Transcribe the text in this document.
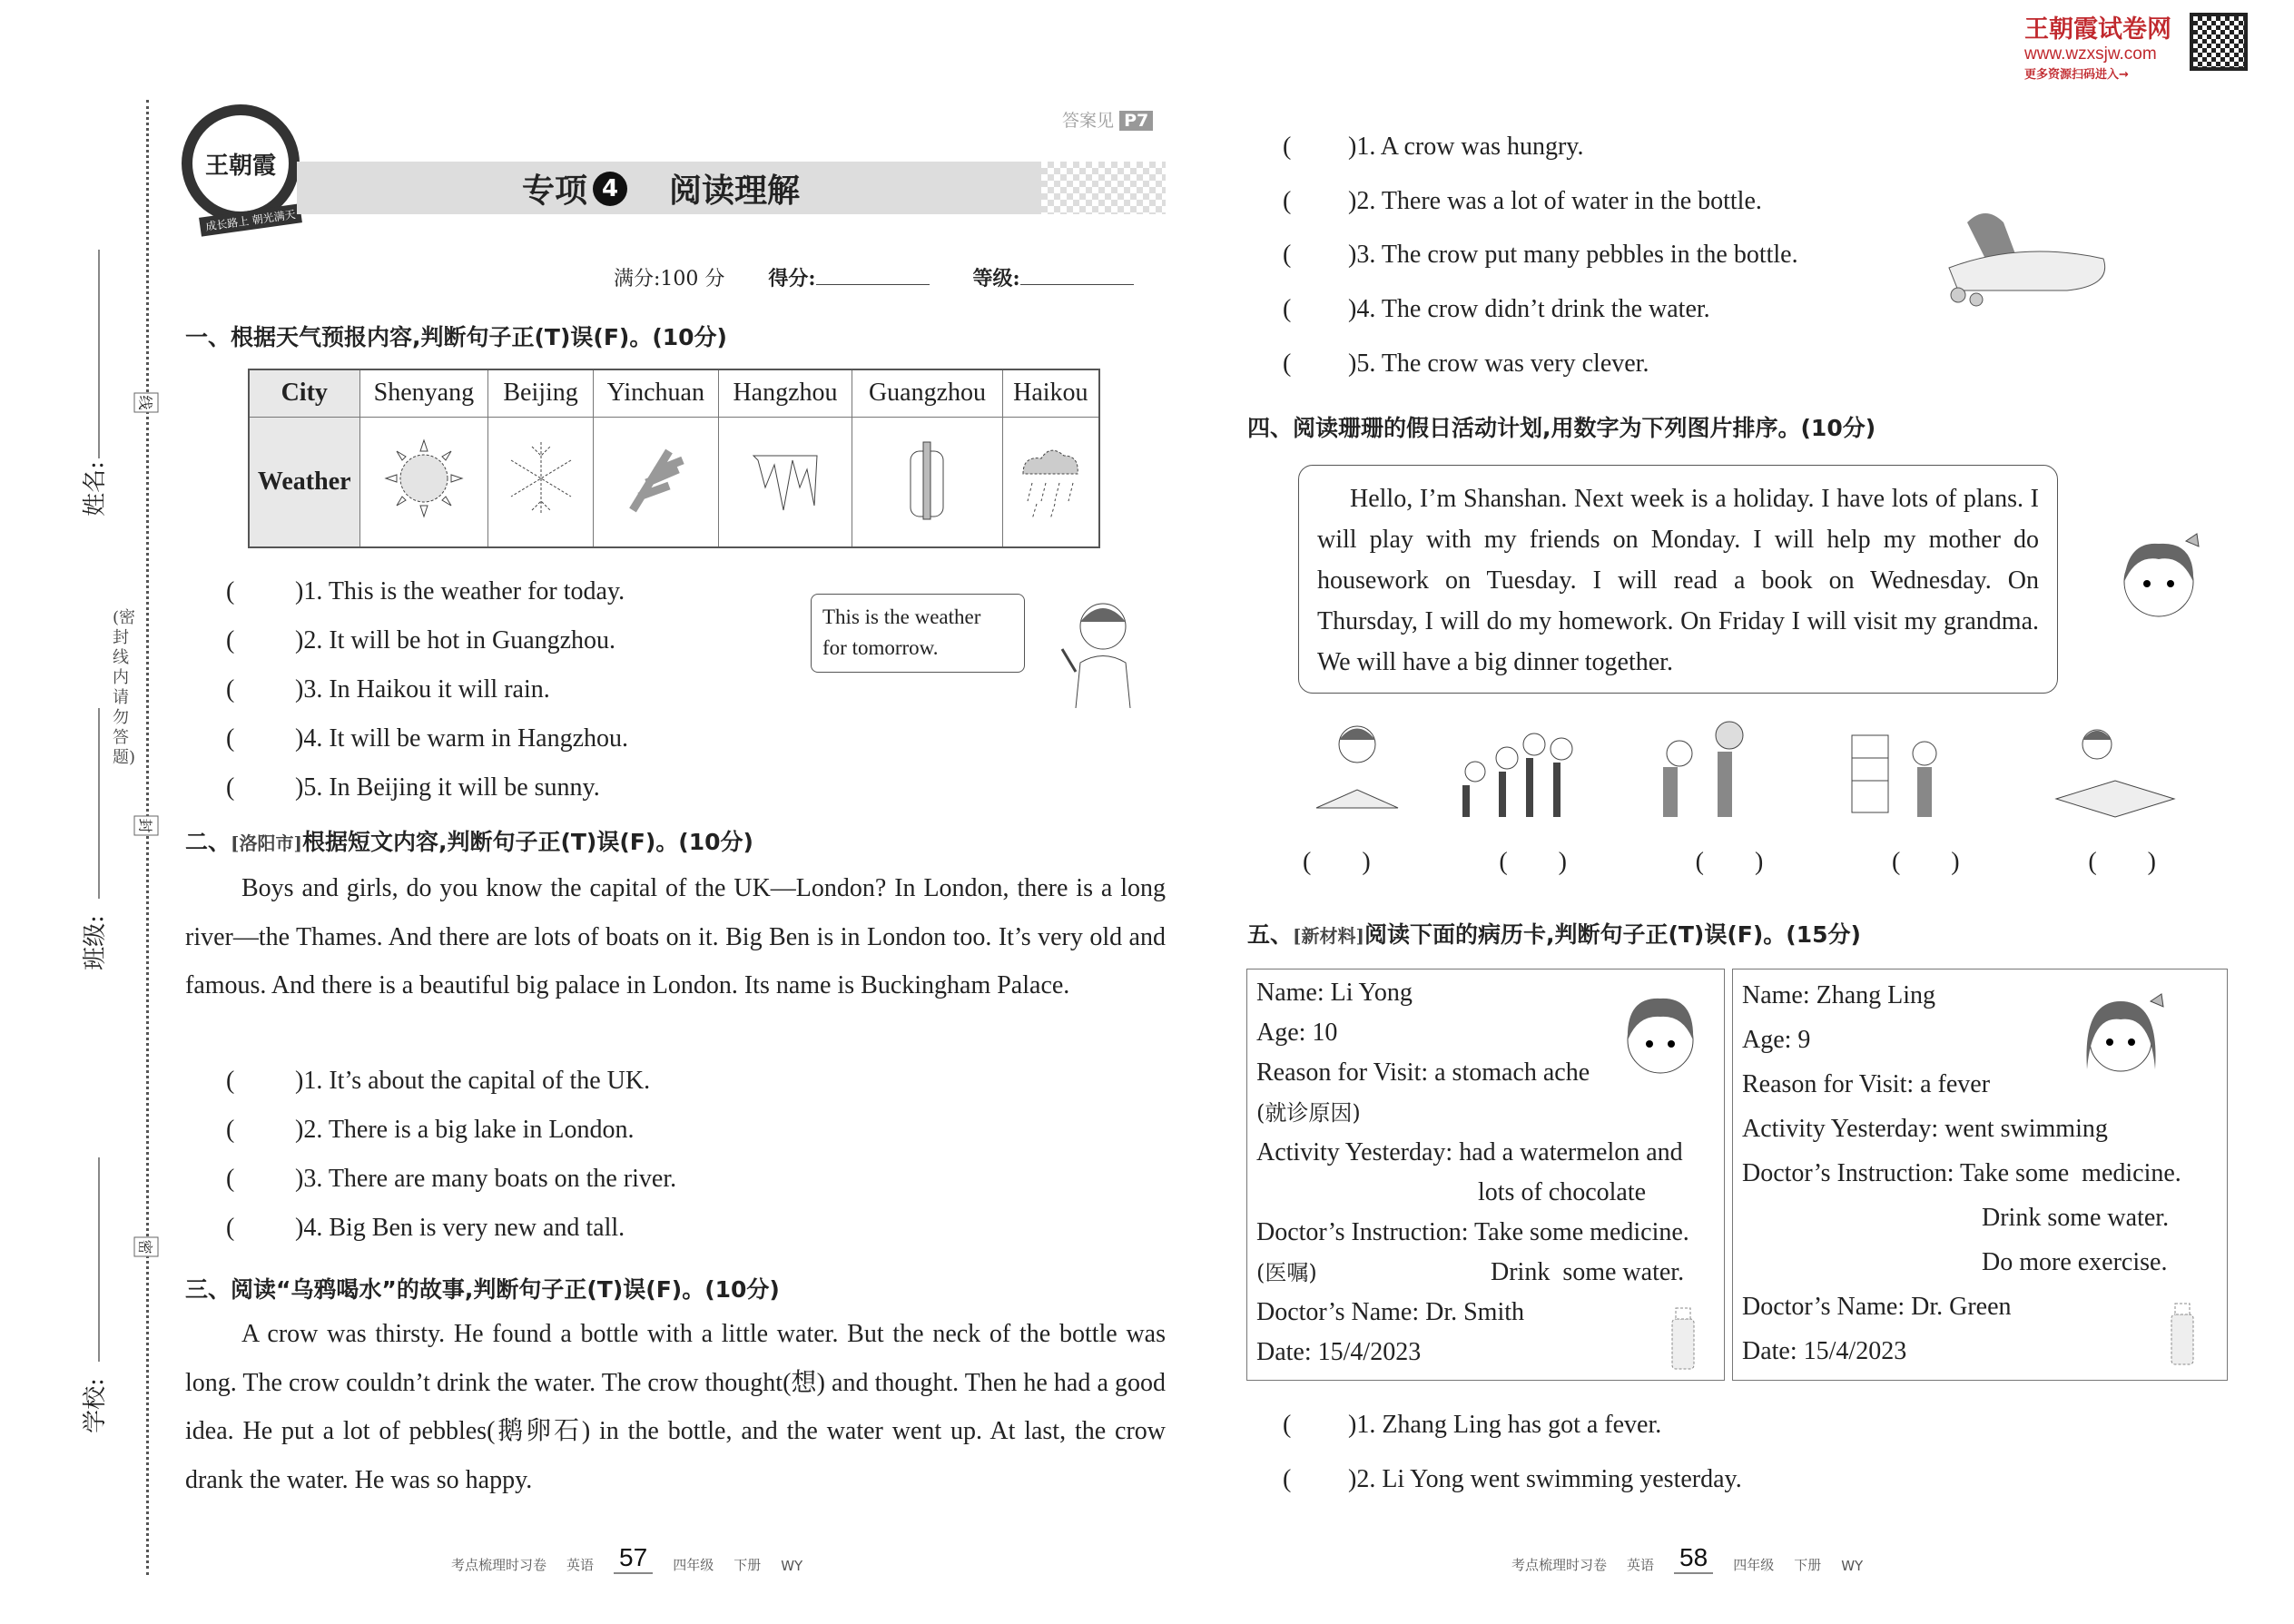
王朝霞试卷网
www.wzxsjw.com
更多资源扫码进入→
线
封
密
(密封线内请勿答题)
姓名:
班级:
学校:
王朝霞
成长路上 朝光满天
答案见 P7
专项 4 阅读理解
满分:100 分 得分:	等级:
一、根据天气预报内容,判断句子正(T)误(F)。(10分)
City	Shenyang	Beijing	Yinchuan	Hangzhou	Guangzhou	Haikou
Weather						
(	)1. This is the weather for today.
(	)2. It will be hot in Guangzhou.
(	)3. In Haikou it will rain.
(	)4. It will be warm in Hangzhou.
(	)5. In Beijing it will be sunny.
This is the weather
for tomorrow.
二、[洛阳市]根据短文内容,判断句子正(T)误(F)。(10分)
Boys and girls, do you know the capital of the UK—London? In London, there is a long river—the Thames. And there are lots of boats on it. Big Ben is in London too. It’s very old and famous. And there is a beautiful big palace in London. Its name is Buckingham Palace.
(	)1. It’s about the capital of the UK.
(	)2. There is a big lake in London.
(	)3. There are many boats on the river.
(	)4. Big Ben is very new and tall.
三、阅读“乌鸦喝水”的故事,判断句子正(T)误(F)。(10分)
A crow was thirsty. He found a bottle with a little water. But the neck of the bottle was long. The crow couldn’t drink the water. The crow thought(想) and thought. Then he had a good idea. He put a lot of pebbles(鹅卵石) in the bottle, and the water went up. At last, the crow drank the water. He was so happy.
考点梳理时习卷 英语 57	四年级 下册 WY	考点梳理时习卷 英语 58	四年级 下册 WY
(	)1. A crow was hungry.
(	)2. There was a lot of water in the bottle.
(	)3. The crow put many pebbles in the bottle.
(	)4. The crow didn’t drink the water.
(	)5. The crow was very clever.
四、阅读珊珊的假日活动计划,用数字为下列图片排序。(10分)
Hello, I’m Shanshan. Next week is a holiday. I have lots of plans. I will play with my friends on Monday. I will help my mother do housework on Tuesday. I will read a book on Wednesday. On Thursday, I will do my homework. On Friday I will visit my grandma. We will have a big dinner together.
(        )	(        )	(        )	(        )	(        )
五、[新材料]阅读下面的病历卡,判断句子正(T)误(F)。(15分)
Name: Li Yong
Age: 10
Reason for Visit: a stomach ache
(就诊原因)
Activity Yesterday: had a watermelon and
lots of chocolate
Doctor’s Instruction: Take some medicine.
(医嘱)	Drink  some water.
Doctor’s Name: Dr. Smith
Date: 15/4/2023
Name: Zhang Ling
Age: 9
Reason for Visit: a fever
Activity Yesterday: went swimming
Doctor’s Instruction: Take some  medicine.
Drink some water.
Do more exercise.
Doctor’s Name: Dr. Green
Date: 15/4/2023
(	)1. Zhang Ling has got a fever.
(	)2. Li Yong went swimming yesterday.
